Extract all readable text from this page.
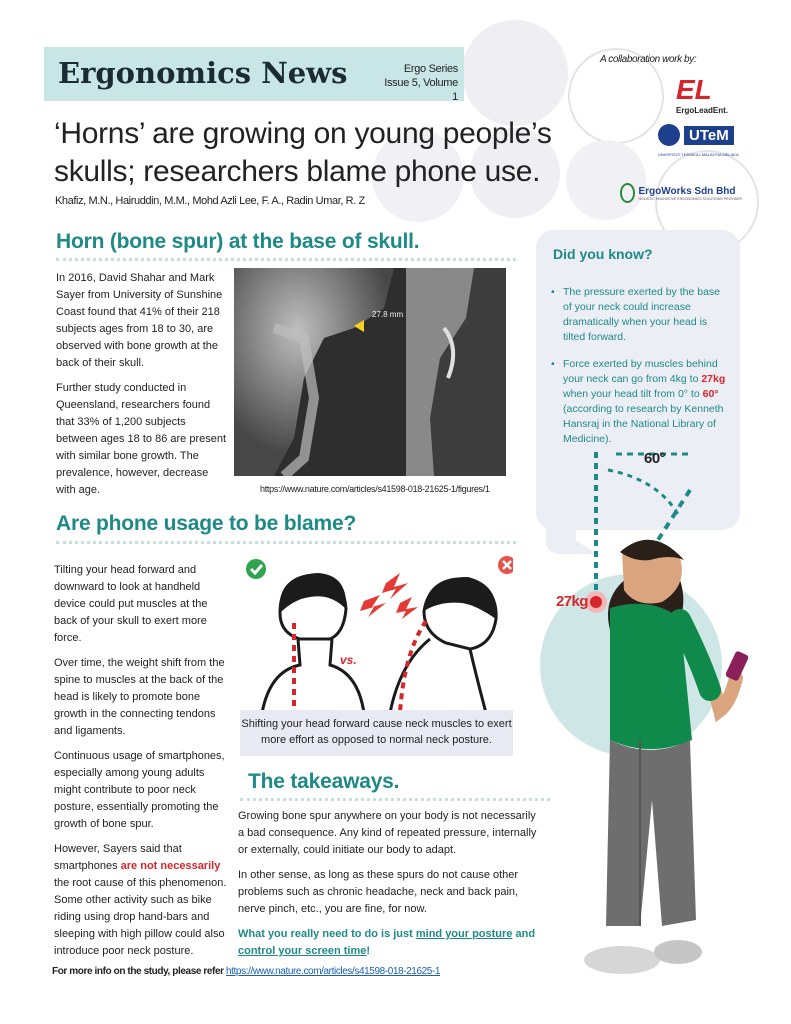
Ergonomics News	Ergo Series
Issue 5, Volume 1
‘Horns’ are growing on young people’s skulls; researchers blame phone use.
Khafiz, M.N., Hairuddin, M.M., Mohd Azli Lee, F. A., Radin Umar, R. Z
A collaboration work by:
EL
ErgoLeadEnt.
UTeM
UNIVERSITI TEKNIKAL MALAYSIA MELAKA
ErgoWorks Sdn Bhd
HOLISTIC INNOVATIVE ERGONOMICS SOLUTIONS PROVIDER
Horn (bone spur) at the base of skull.

In 2016, David Shahar and Mark Sayer from University of Sunshine Coast found that 41% of their 218 subjects ages from 18 to 30, are observed with bone growth at the back of their skull.

Further study conducted in Queensland, researchers found that 33% of 1,200 subjects between ages 18 to 86 are present with similar bone growth. The prevalence, however, decrease with age.

27.8 mm
https://www.nature.com/articles/s41598-018-21625-1/figures/1
Did you know?
• The pressure exerted by the base of your neck could increase dramatically when your head is tilted forward.
• Force exerted by muscles behind your neck can go from 4kg to 27kg when your head tilt from 0° to 60° (according to research by Kenneth Hansraj in the National Library of Medicine).
60°
27kg
Are phone usage to be blame?

Tilting your head forward and downward to look at handheld device could put muscles at the back of your skull to exert more force.

Over time, the weight shift from the spine to muscles at the back of the head is likely to promote bone growth in the connecting tendons and ligaments.

Continuous usage of smartphones, especially among young adults might contribute to poor neck posture, essentially promoting the growth of bone spur.

However, Sayers said that smartphones are not necessarily the root cause of this phenomenon. Some other activity such as bike riding using drop hand-bars and sleeping with high pillow could also introduce poor neck posture.

vs.
Shifting your head forward cause neck muscles to exert more effort as opposed to normal neck posture.
The takeaways.

Growing bone spur anywhere on your body is not necessarily a bad consequence. Any kind of repeated pressure, internally or externally, could initiate our body to adapt.

In other sense, as long as these spurs do not cause other problems such as chronic headache, neck and back pain, nerve pinch, etc., you are fine, for now.

What you really need to do is just mind your posture and control your screen time!

For more info on the study, please refer https://www.nature.com/articles/s41598-018-21625-1
